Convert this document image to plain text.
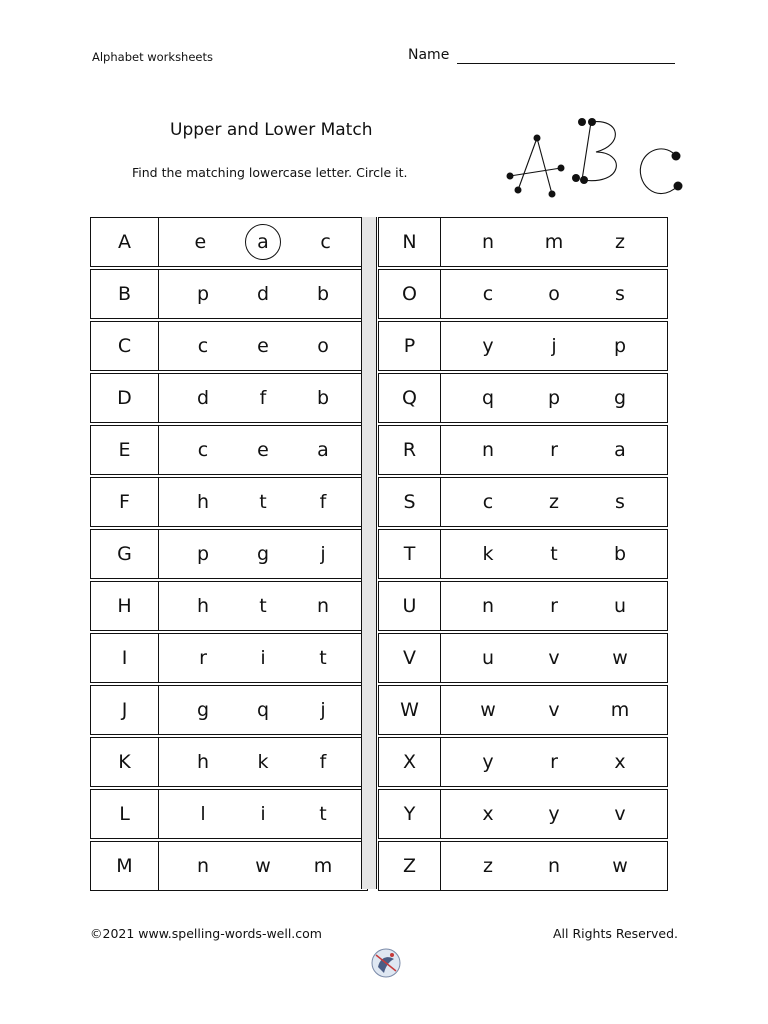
Alphabet worksheets	Name
Upper and Lower Match
Find the matching lowercase letter. Circle it.
A	e	a	c
B	p	d	b
C	c	e	o
D	d	f	b
E	c	e	a
F	h	t	f
G	p	g	j
H	h	t	n
I	r	i	t
J	g	q	j
K	h	k	f
L	l	i	t
M	n w m
N	n	m	z
O	c	o	s
P	y	j	p
Q	q	p	g
R	n	r	a
S	c	z	s
T	k	t	b
U	n	r	u
V	u	v	w
W	w	v	m
X	y	r	x
Y	x	y	v
Z	z	n	w
©2021 www.spelling-words-well.com	All Rights Reserved.
